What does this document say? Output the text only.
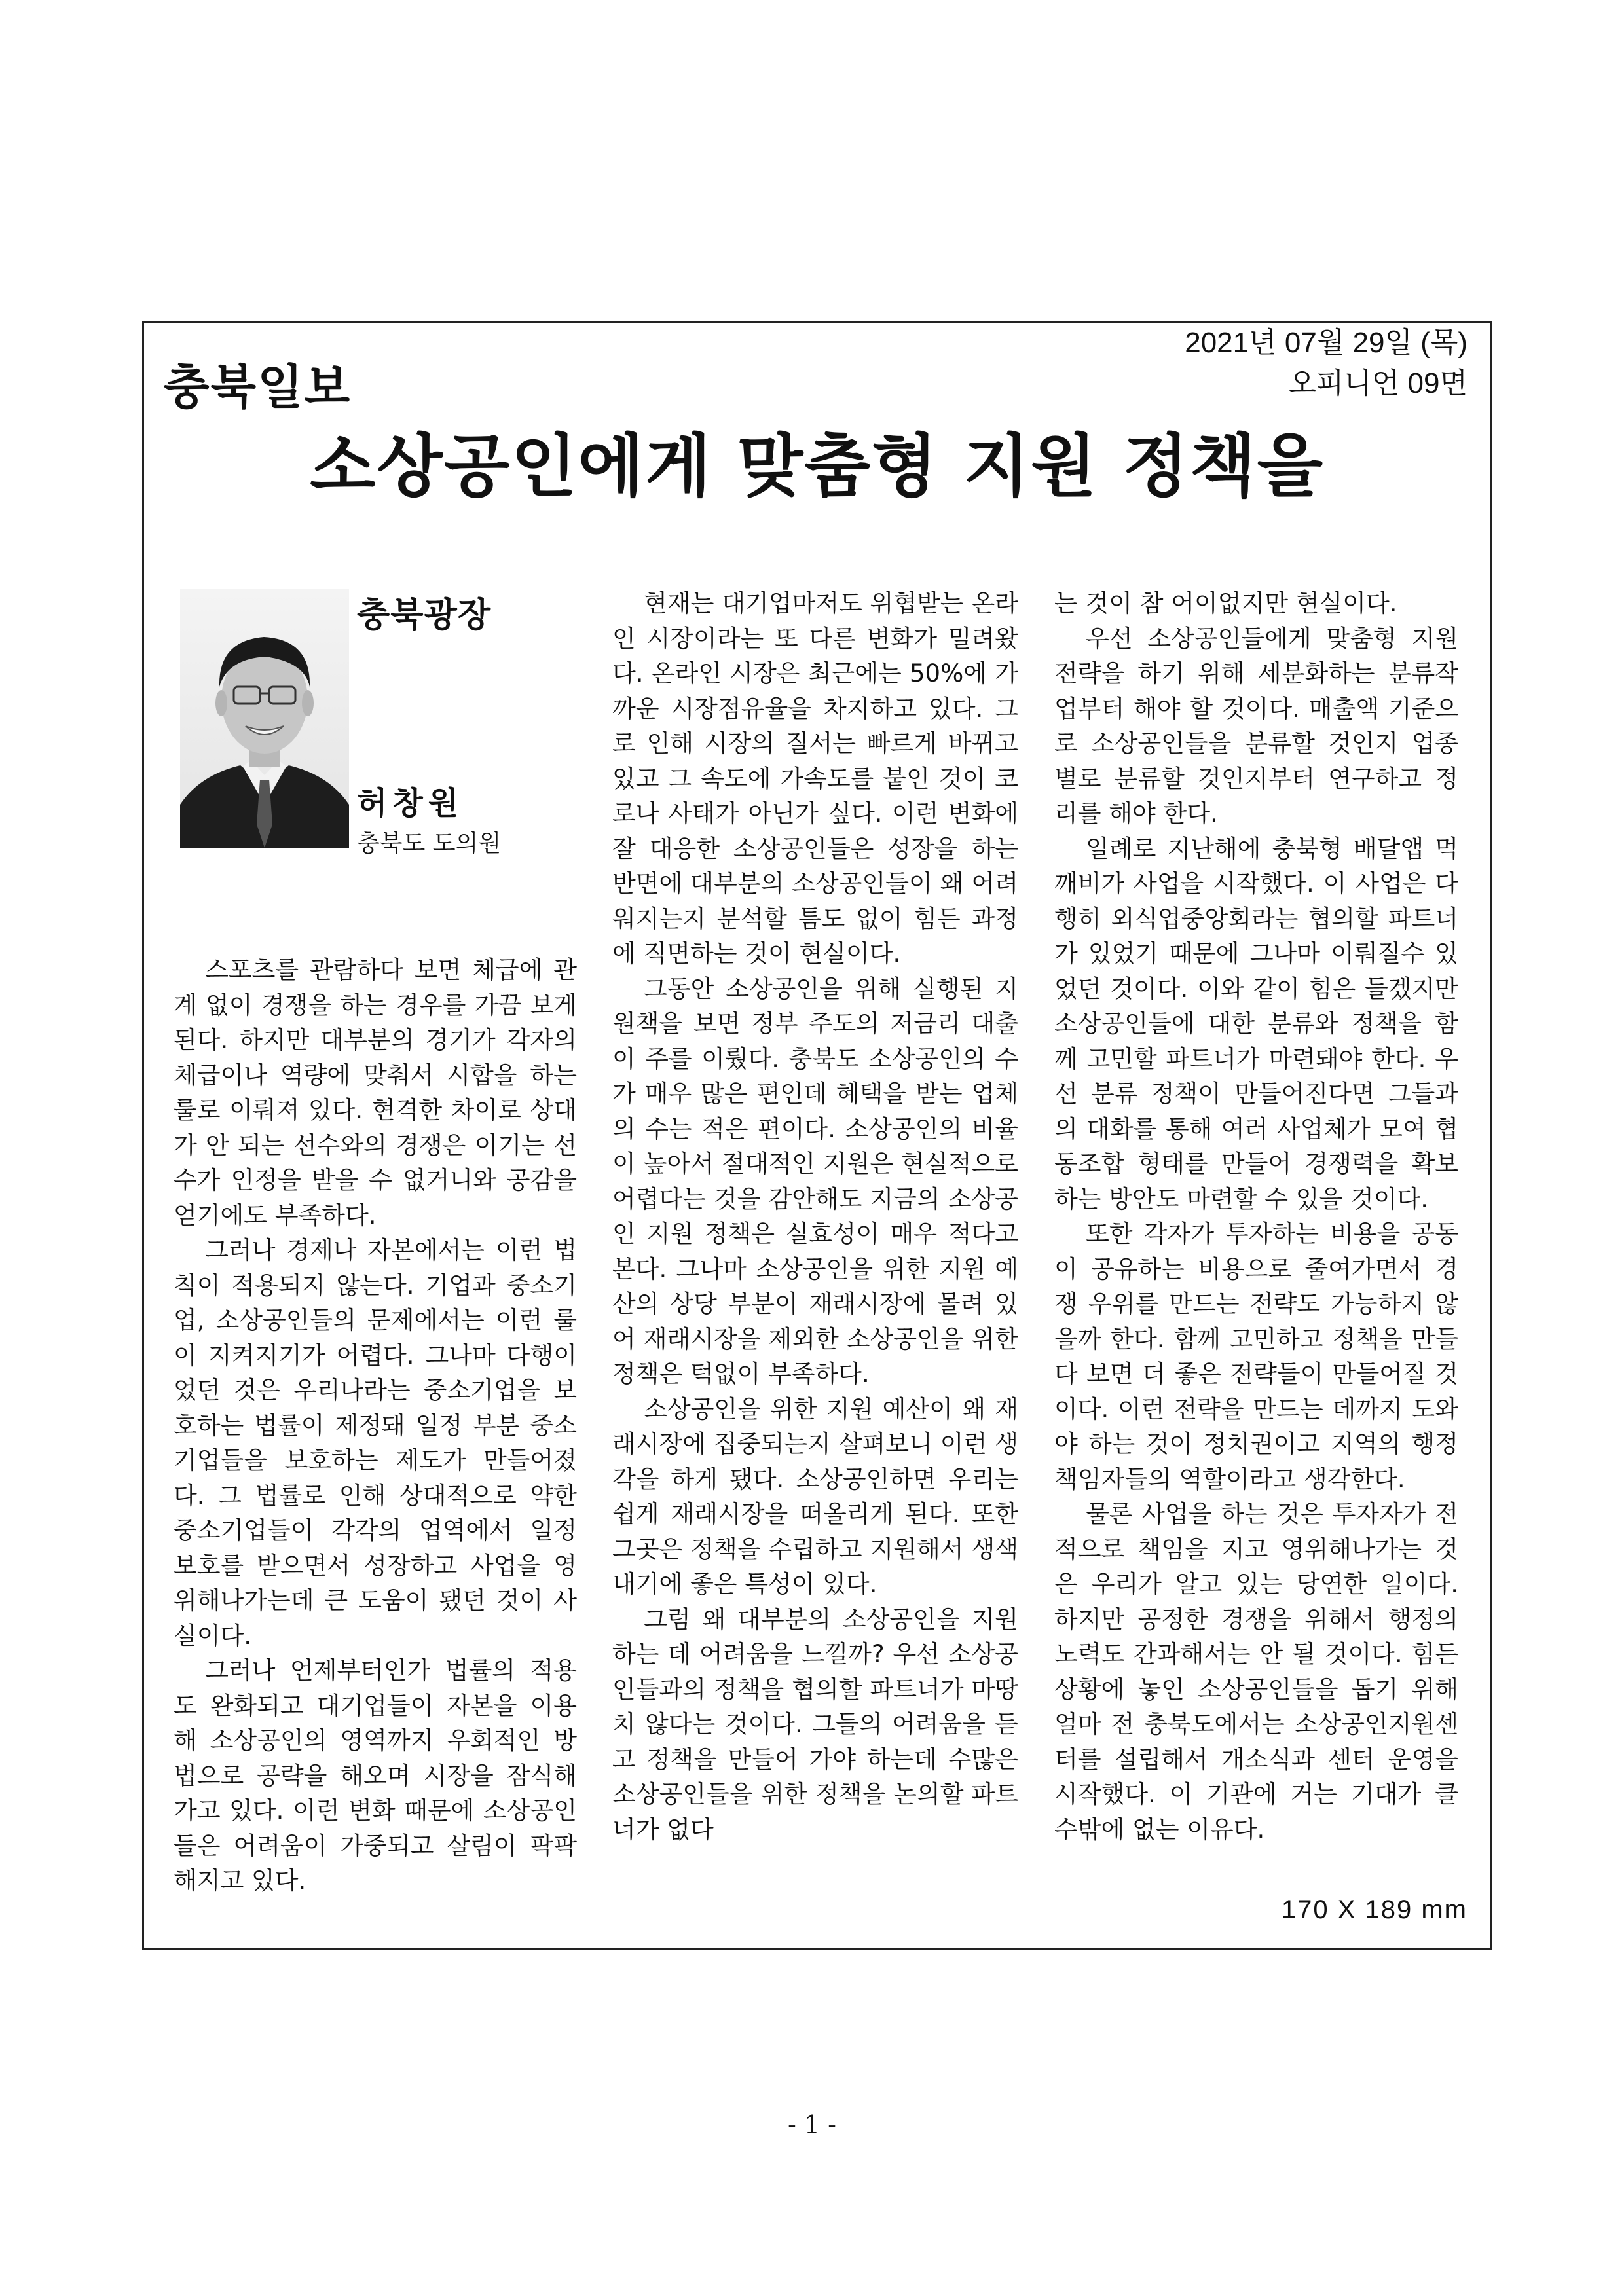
충북일보
2021년 07월 29일 (목)
오피니언 09면
소상공인에게 맞춤형 지원 정책을
충북광장
허창원
충북도 도의원

스포츠를 관람하다 보면 체급에 관계 없이 경쟁을 하는 경우를 가끔 보게 된다. 하지만 대부분의 경기가 각자의 체급이나 역량에 맞춰서 시합을 하는 룰로 이뤄져 있다. 현격한 차이로 상대가 안 되는 선수와의 경쟁은 이기는 선수가 인정을 받을 수 없거니와 공감을 얻기에도 부족하다.

그러나 경제나 자본에서는 이런 법칙이 적용되지 않는다. 기업과 중소기업, 소상공인들의 문제에서는 이런 룰이 지켜지기가 어렵다. 그나마 다행이었던 것은 우리나라는 중소기업을 보호하는 법률이 제정돼 일정 부분 중소기업들을 보호하는 제도가 만들어졌다. 그 법률로 인해 상대적으로 약한 중소기업들이 각각의 업역에서 일정 보호를 받으면서 성장하고 사업을 영위해나가는데 큰 도움이 됐던 것이 사실이다.

그러나 언제부터인가 법률의 적용도 완화되고 대기업들이 자본을 이용해 소상공인의 영역까지 우회적인 방법으로 공략을 해오며 시장을 잠식해가고 있다. 이런 변화 때문에 소상공인들은 어려움이 가중되고 살림이 팍팍해지고 있다.

현재는 대기업마저도 위협받는 온라인 시장이라는 또 다른 변화가 밀려왔다. 온라인 시장은 최근에는 50%에 가까운 시장점유율을 차지하고 있다. 그로 인해 시장의 질서는 빠르게 바뀌고 있고 그 속도에 가속도를 붙인 것이 코로나 사태가 아닌가 싶다. 이런 변화에 잘 대응한 소상공인들은 성장을 하는 반면에 대부분의 소상공인들이 왜 어려워지는지 분석할 틈도 없이 힘든 과정에 직면하는 것이 현실이다.

그동안 소상공인을 위해 실행된 지원책을 보면 정부 주도의 저금리 대출이 주를 이뤘다. 충북도 소상공인의 수가 매우 많은 편인데 혜택을 받는 업체의 수는 적은 편이다. 소상공인의 비율이 높아서 절대적인 지원은 현실적으로 어렵다는 것을 감안해도 지금의 소상공인 지원 정책은 실효성이 매우 적다고 본다. 그나마 소상공인을 위한 지원 예산의 상당 부분이 재래시장에 몰려 있어 재래시장을 제외한 소상공인을 위한 정책은 턱없이 부족하다.

소상공인을 위한 지원 예산이 왜 재래시장에 집중되는지 살펴보니 이런 생각을 하게 됐다. 소상공인하면 우리는 쉽게 재래시장을 떠올리게 된다. 또한 그곳은 정책을 수립하고 지원해서 생색내기에 좋은 특성이 있다.

그럼 왜 대부분의 소상공인을 지원하는 데 어려움을 느낄까? 우선 소상공인들과의 정책을 협의할 파트너가 마땅치 않다는 것이다. 그들의 어려움을 듣고 정책을 만들어 가야 하는데 수많은 소상공인들을 위한 정책을 논의할 파트너가 없다

는 것이 참 어이없지만 현실이다.

우선 소상공인들에게 맞춤형 지원 전략을 하기 위해 세분화하는 분류작업부터 해야 할 것이다. 매출액 기준으로 소상공인들을 분류할 것인지 업종별로 분류할 것인지부터 연구하고 정리를 해야 한다.

일례로 지난해에 충북형 배달앱 먹깨비가 사업을 시작했다. 이 사업은 다행히 외식업중앙회라는 협의할 파트너가 있었기 때문에 그나마 이뤄질수 있었던 것이다. 이와 같이 힘은 들겠지만 소상공인들에 대한 분류와 정책을 함께 고민할 파트너가 마련돼야 한다. 우선 분류 정책이 만들어진다면 그들과의 대화를 통해 여러 사업체가 모여 협동조합 형태를 만들어 경쟁력을 확보하는 방안도 마련할 수 있을 것이다.

또한 각자가 투자하는 비용을 공동이 공유하는 비용으로 줄여가면서 경쟁 우위를 만드는 전략도 가능하지 않을까 한다. 함께 고민하고 정책을 만들다 보면 더 좋은 전략들이 만들어질 것이다. 이런 전략을 만드는 데까지 도와야 하는 것이 정치권이고 지역의 행정 책임자들의 역할이라고 생각한다.

물론 사업을 하는 것은 투자자가 전적으로 책임을 지고 영위해나가는 것은 우리가 알고 있는 당연한 일이다. 하지만 공정한 경쟁을 위해서 행정의 노력도 간과해서는 안 될 것이다. 힘든 상황에 놓인 소상공인들을 돕기 위해 얼마 전 충북도에서는 소상공인지원센터를 설립해서 개소식과 센터 운영을 시작했다. 이 기관에 거는 기대가 클 수밖에 없는 이유다.

170 X 189 mm
- 1 -
